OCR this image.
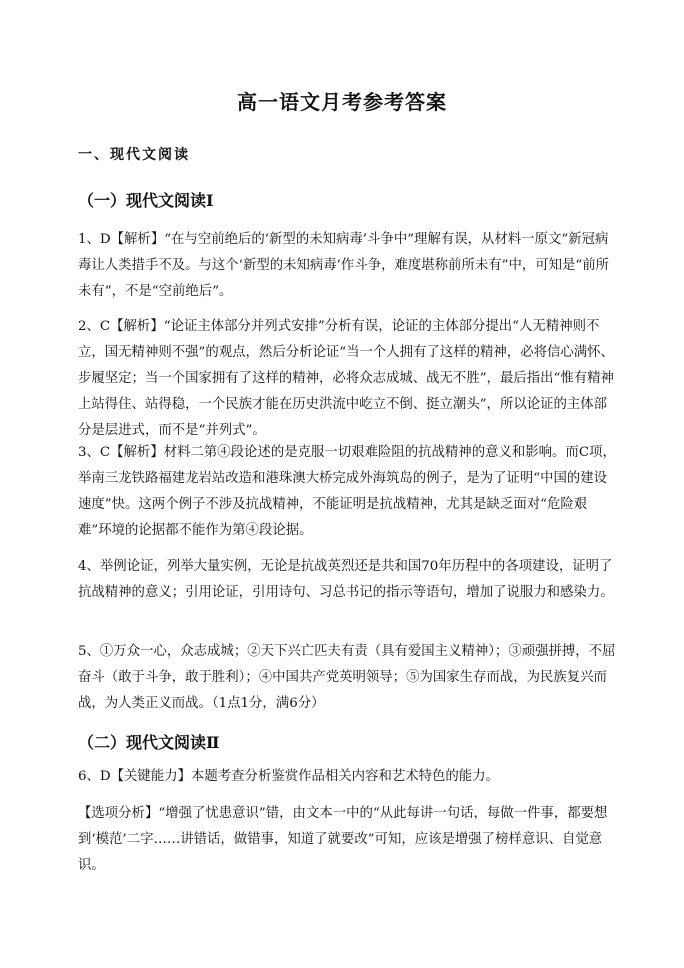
高一语文月考参考答案
一、现代文阅读
（一）现代文阅读Ⅰ

1、D【解析】“在与空前绝后的‘新型的未知病毒’斗争中”理解有误，从材料一原文“新冠病毒让人类措手不及。与这个‘新型的未知病毒’作斗争，难度堪称前所未有”中，可知是“前所未有”，不是“空前绝后”。

2、C【解析】“论证主体部分并列式安排”分析有误，论证的主体部分提出“人无精神则不立，国无精神则不强”的观点，然后分析论证“当一个人拥有了这样的精神，必将信心满怀、步履坚定；当一个国家拥有了这样的精神，必将众志成城、战无不胜”，最后指出“惟有精神上站得住、站得稳，一个民族才能在历史洪流中屹立不倒、挺立潮头”，所以论证的主体部分是层进式，而不是“并列式”。

3、C【解析】材料二第④段论述的是克服一切艰难险阻的抗战精神的意义和影响。而C项，举南三龙铁路福建龙岩站改造和港珠澳大桥完成外海筑岛的例子，是为了证明“中国的建设速度”快。这两个例子不涉及抗战精神，不能证明是抗战精神，尤其是缺乏面对“危险艰难”环境的论据都不能作为第④段论据。

4、举例论证，列举大量实例，无论是抗战英烈还是共和国70年历程中的各项建设，证明了抗战精神的意义；引用论证，引用诗句、习总书记的指示等语句，增加了说服力和感染力。

5、①万众一心，众志成城；②天下兴亡匹夫有责（具有爱国主义精神）；③顽强拼搏，不屈奋斗（敢于斗争，敢于胜利）；④中国共产党英明领导；⑤为国家生存而战，为民族复兴而战，为人类正义而战。（1点1分，满6分）

（二）现代文阅读Ⅱ

6、D【关键能力】本题考查分析鉴赏作品相关内容和艺术特色的能力。

【选项分析】“增强了忧患意识”错，由文本一中的“从此每讲一句话，每做一件事，都要想到‘模范’二字……讲错话，做错事，知道了就要改”可知，应该是增强了榜样意识、自觉意识。
